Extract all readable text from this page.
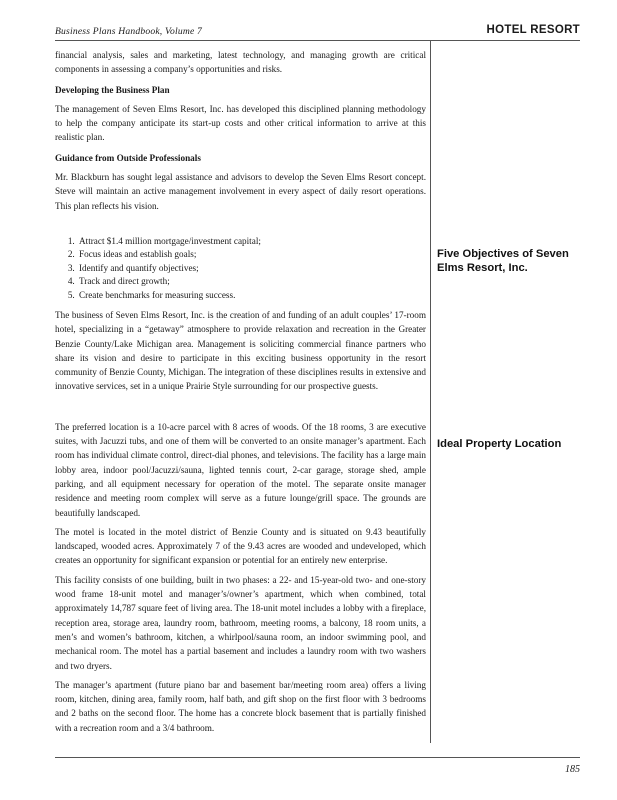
Business Plans Handbook, Volume 7	HOTEL RESORT

financial analysis, sales and marketing, latest technology, and managing growth are critical components in assessing a company’s opportunities and risks.

Developing the Business Plan

The management of Seven Elms Resort, Inc. has developed this disciplined planning methodology to help the company anticipate its start-up costs and other critical information to arrive at this realistic plan.

Guidance from Outside Professionals

Mr. Blackburn has sought legal assistance and advisors to develop the Seven Elms Resort concept. Steve will maintain an active management involvement in every aspect of daily resort operations. This plan reflects his vision.

1. Attract $1.4 million mortgage/investment capital;
2. Focus ideas and establish goals;
3. Identify and quantify objectives;
4. Track and direct growth;
5. Create benchmarks for measuring success.

The business of Seven Elms Resort, Inc. is the creation of and funding of an adult couples’ 17-room hotel, specializing in a “getaway” atmosphere to provide relaxation and recreation in the Greater Benzie County/Lake Michigan area. Management is soliciting commercial finance partners who share its vision and desire to participate in this exciting business opportunity in the resort community of Benzie County, Michigan. The integration of these disciplines results in extensive and innovative services, set in a unique Prairie Style surrounding for our prospective guests.

The preferred location is a 10-acre parcel with 8 acres of woods. Of the 18 rooms, 3 are executive suites, with Jacuzzi tubs, and one of them will be converted to an onsite manager’s apartment. Each room has individual climate control, direct-dial phones, and televisions. The facility has a large main lobby area, indoor pool/Jacuzzi/sauna, lighted tennis court, 2-car garage, storage shed, ample parking, and all equipment necessary for operation of the motel. The separate onsite manager residence and meeting room complex will serve as a future lounge/grill space. The grounds are beautifully landscaped.

The motel is located in the motel district of Benzie County and is situated on 9.43 beautifully landscaped, wooded acres. Approximately 7 of the 9.43 acres are wooded and undeveloped, which creates an opportunity for significant expansion or potential for an entirely new enterprise.

This facility consists of one building, built in two phases: a 22- and 15-year-old two- and one-story wood frame 18-unit motel and manager’s/owner’s apartment, which when combined, total approximately 14,787 square feet of living area. The 18-unit motel includes a lobby with a fireplace, reception area, storage area, laundry room, bathroom, meeting rooms, a balcony, 18 room units, a men’s and women’s bathroom, kitchen, a whirlpool/sauna room, an indoor swimming pool, and mechanical room. The motel has a partial basement and includes a laundry room with two washers and two dryers.

The manager’s apartment (future piano bar and basement bar/meeting room area) offers a living room, kitchen, dining area, family room, half bath, and gift shop on the first floor with 3 bedrooms and 2 baths on the second floor. The home has a concrete block basement that is partially finished with a recreation room and a 3/4 bathroom.

Five Objectives of Seven Elms Resort, Inc.
Ideal Property Location
185
